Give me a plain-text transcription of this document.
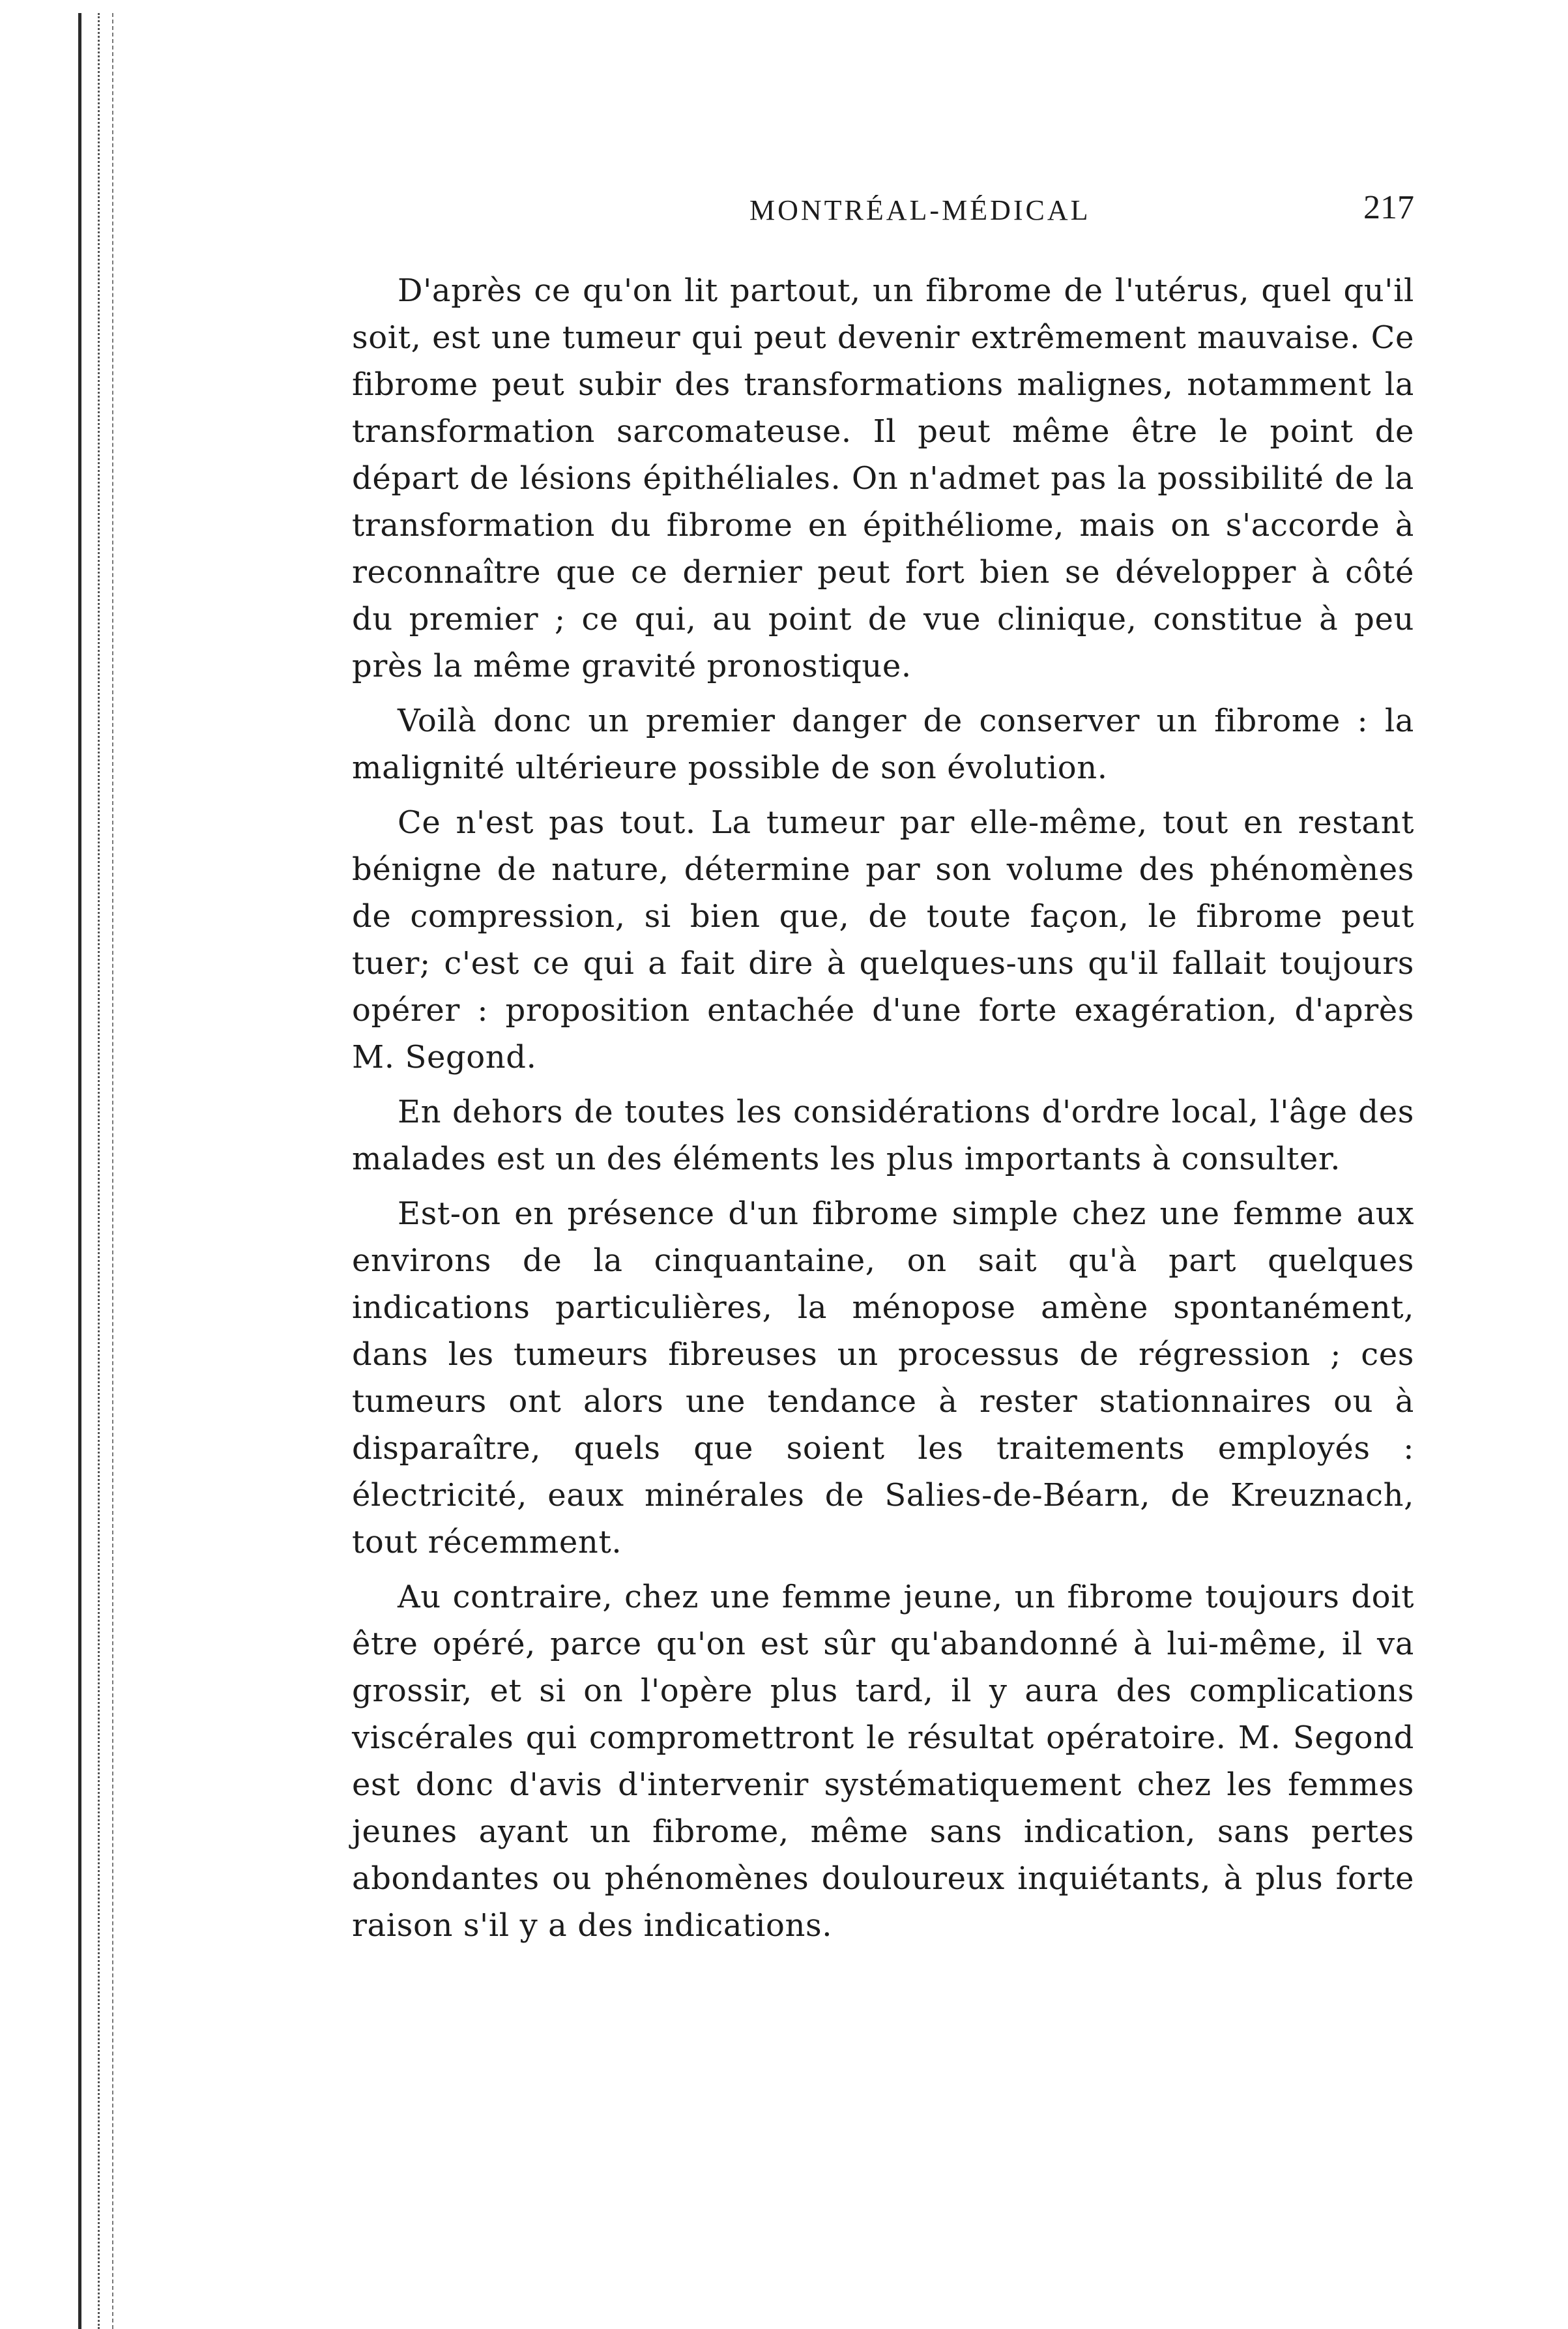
MONTRÉAL-MÉDICAL	217

D'après ce qu'on lit partout, un fibrome de l'utérus, quel qu'il soit, est une tumeur qui peut devenir extrêmement mauvaise. Ce fibrome peut subir des transformations malignes, notamment la transformation sarcomateuse. Il peut même être le point de départ de lésions épithéliales. On n'admet pas la possibilité de la transformation du fibrome en épithéliome, mais on s'accorde à reconnaître que ce dernier peut fort bien se développer à côté du premier ; ce qui, au point de vue clinique, constitue à peu près la même gravité pronostique.

Voilà donc un premier danger de conserver un fibrome : la malignité ultérieure possible de son évolution.

Ce n'est pas tout. La tumeur par elle-même, tout en restant bénigne de nature, détermine par son volume des phénomènes de compression, si bien que, de toute façon, le fibrome peut tuer; c'est ce qui a fait dire à quelques-uns qu'il fallait toujours opérer : proposition entachée d'une forte exagération, d'après M. Segond.

En dehors de toutes les considérations d'ordre local, l'âge des malades est un des éléments les plus importants à consulter.

Est-on en présence d'un fibrome simple chez une femme aux environs de la cinquantaine, on sait qu'à part quelques indications particulières, la ménopose amène spontanément, dans les tumeurs fibreuses un processus de régression ; ces tumeurs ont alors une tendance à rester stationnaires ou à disparaître, quels que soient les traitements employés : électricité, eaux minérales de Salies-de-Béarn, de Kreuznach, tout récemment.

Au contraire, chez une femme jeune, un fibrome toujours doit être opéré, parce qu'on est sûr qu'abandonné à lui-même, il va grossir, et si on l'opère plus tard, il y aura des complications viscérales qui compromettront le résultat opératoire. M. Segond est donc d'avis d'intervenir systématiquement chez les femmes jeunes ayant un fibrome, même sans indication, sans pertes abondantes ou phénomènes douloureux inquiétants, à plus forte raison s'il y a des indications.
